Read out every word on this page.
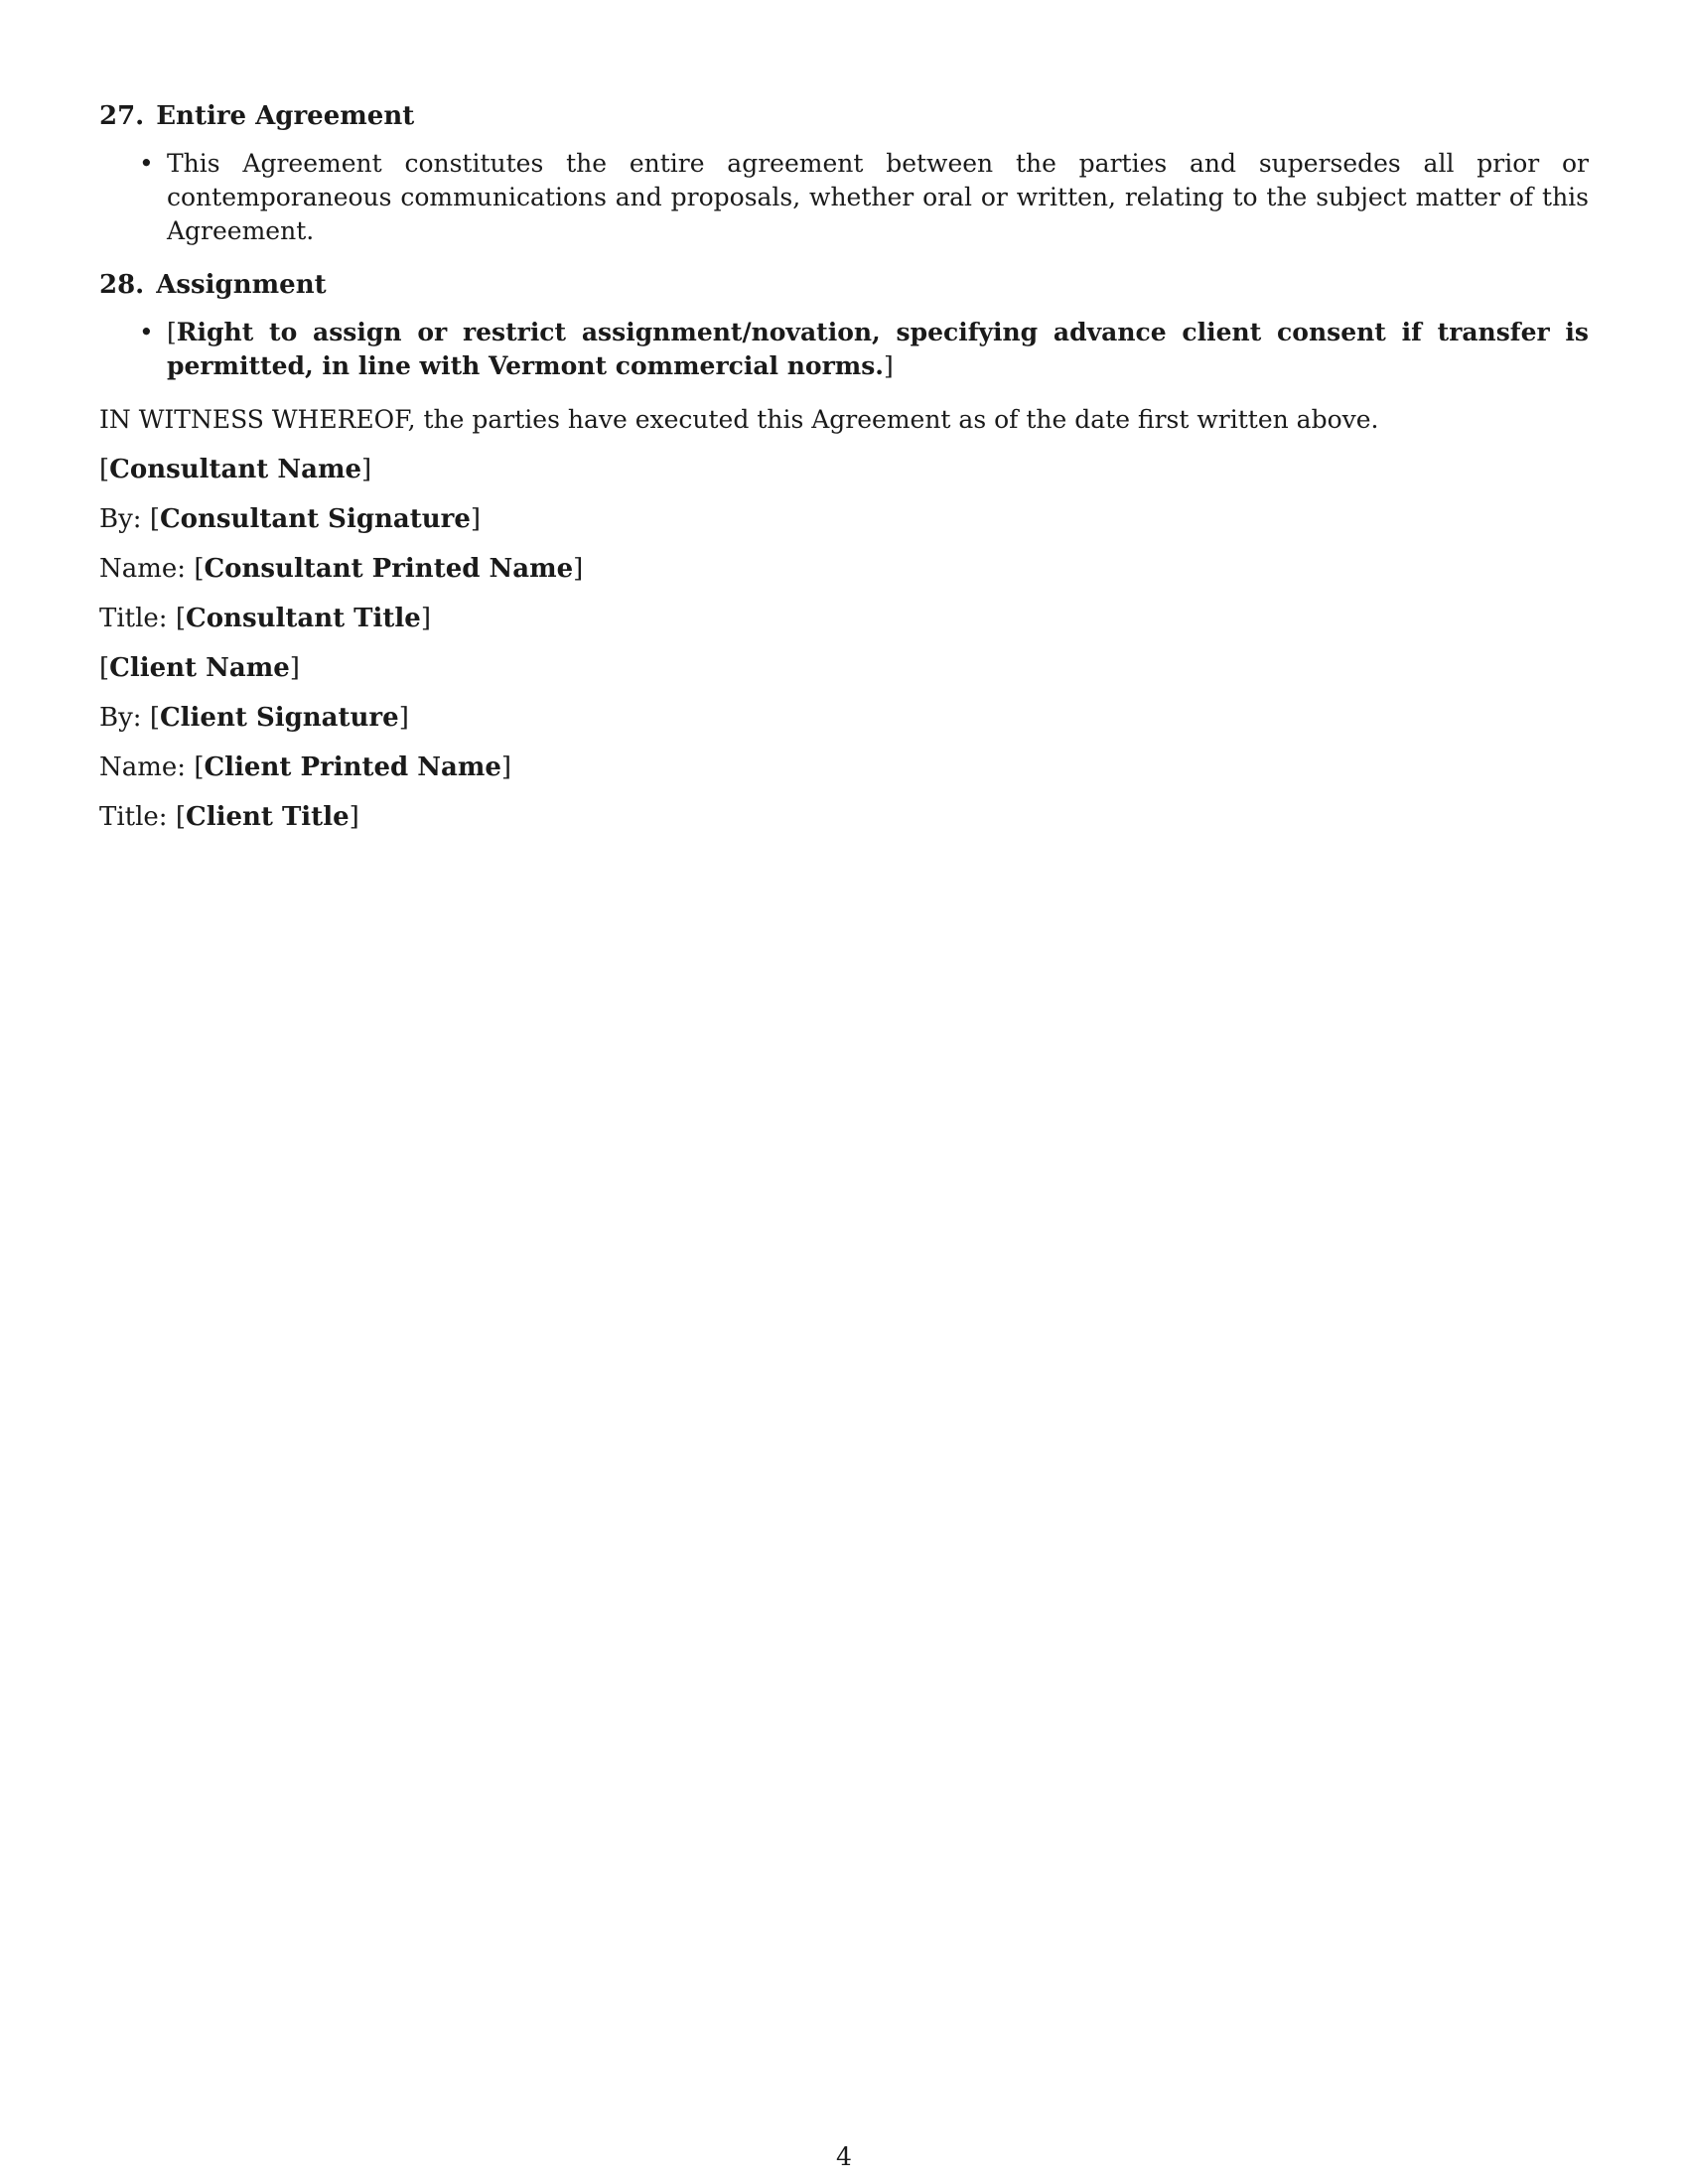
27. Entire Agreement
• This Agreement constitutes the entire agreement between the parties and supersedes all prior or contemporaneous communications and proposals, whether oral or written, relating to the subject matter of this Agreement.
28. Assignment
• [Right to assign or restrict assignment/novation, specifying advance client consent if transfer is permitted, in line with Vermont commercial norms.]

IN WITNESS WHEREOF, the parties have executed this Agreement as of the date first written above.

[Consultant Name]
By: [Consultant Signature]
Name: [Consultant Printed Name]
Title: [Consultant Title]
[Client Name]
By: [Client Signature]
Name: [Client Printed Name]
Title: [Client Title]
4
